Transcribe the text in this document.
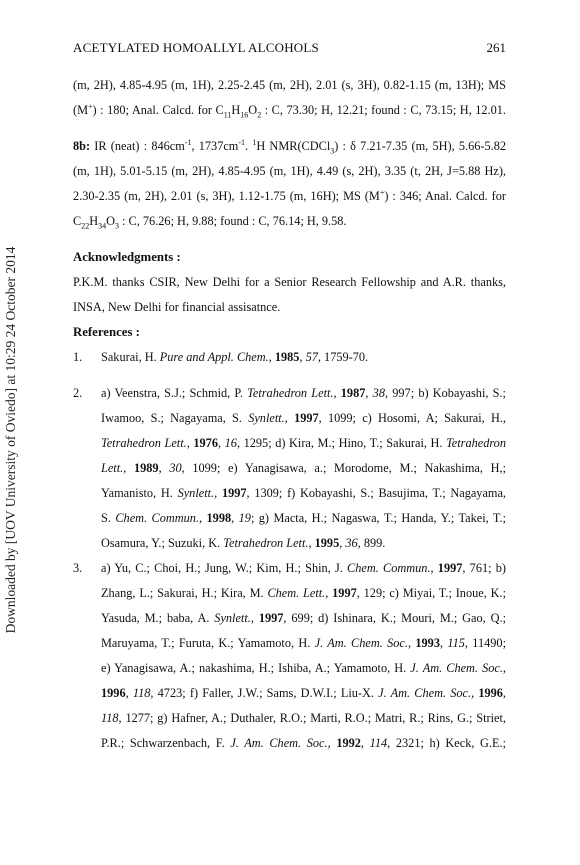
Downloaded by [UOV University of Oviedo] at 10:29 24 October 2014
ACETYLATED HOMOALLYL ALCOHOLS	261
(m, 2H), 4.85-4.95 (m, 1H), 2.25-2.45 (m, 2H), 2.01 (s, 3H), 0.82-1.15 (m, 13H); MS
(M+) : 180; Anal. Calcd. for $C_{11}H_{16}O_2$ : C, 73.30; H, 12.21; found : C, 73.15; H, 12.01.
8b: IR (neat) : $846cm^{-1}$, $1737cm^{-1}$. $^1$H NMR(CDCl$_3$) : δ 7.21-7.35 (m, 5H), 5.66-5.82
(m, 1H), 5.01-5.15 (m, 2H), 4.85-4.95 (m, 1H), 4.49 (s, 2H), 3.35 (t, 2H, J=5.88 Hz),
2.30-2.35 (m, 2H), 2.01 (s, 3H), 1.12-1.75 (m, 16H); MS (M+) : 346; Anal. Calcd. for
$C_{22}H_{34}O_3$ : C, 76.26; H, 9.88; found : C, 76.14; H, 9.58.
Acknowledgments :
P.K.M. thanks CSIR, New Delhi for a Senior Research Fellowship and A.R. thanks,
INSA, New Delhi for financial assisatnce.
References :
1. Sakurai, H. Pure and Appl. Chem., 1985, 57, 1759-70.
2. a) Veenstra, S.J.; Schmid, P. Tetrahedron Lett., 1987, 38, 997; b) Kobayashi, S.;
Iwamoo, S.; Nagayama, S. Synlett., 1997, 1099; c) Hosomi, A; Sakurai, H.,
Tetrahedron Lett., 1976, 16, 1295; d) Kira, M.; Hino, T.; Sakurai, H. Tetrahedron
Lett., 1989, 30, 1099; e) Yanagisawa, a.; Morodome, M.; Nakashima, H,;
Yamanisto, H. Synlett., 1997, 1309; f) Kobayashi, S.; Basujima, T.; Nagayama,
S. Chem. Commun., 1998, 19; g) Macta, H.; Nagaswa, T.; Handa, Y.; Takei, T.;
Osamura, Y.; Suzuki, K. Tetrahedron Lett., 1995, 36, 899.
3. a) Yu, C.; Choi, H.; Jung, W.; Kim, H.; Shin, J. Chem. Commun., 1997, 761; b)
Zhang, L.; Sakurai, H.; Kira, M. Chem. Lett., 1997, 129; c) Miyai, T.; Inoue, K.;
Yasuda, M.; baba, A. Synlett., 1997, 699; d) Ishinara, K.; Mouri, M.; Gao, Q.;
Maruyama, T.; Furuta, K.; Yamamoto, H. J. Am. Chem. Soc., 1993, 115, 11490;
e) Yanagisawa, A.; nakashima, H.; Ishiba, A.; Yamamoto, H. J. Am. Chem. Soc.,
1996, 118, 4723; f) Faller, J.W.; Sams, D.W.I.; Liu-X. J. Am. Chem. Soc., 1996,
118, 1277; g) Hafner, A.; Duthaler, R.O.; Marti, R.O.; Matri, R.; Rins, G.; Striet,
P.R.; Schwarzenbach, F. J. Am. Chem. Soc., 1992, 114, 2321; h) Keck, G.E.;
